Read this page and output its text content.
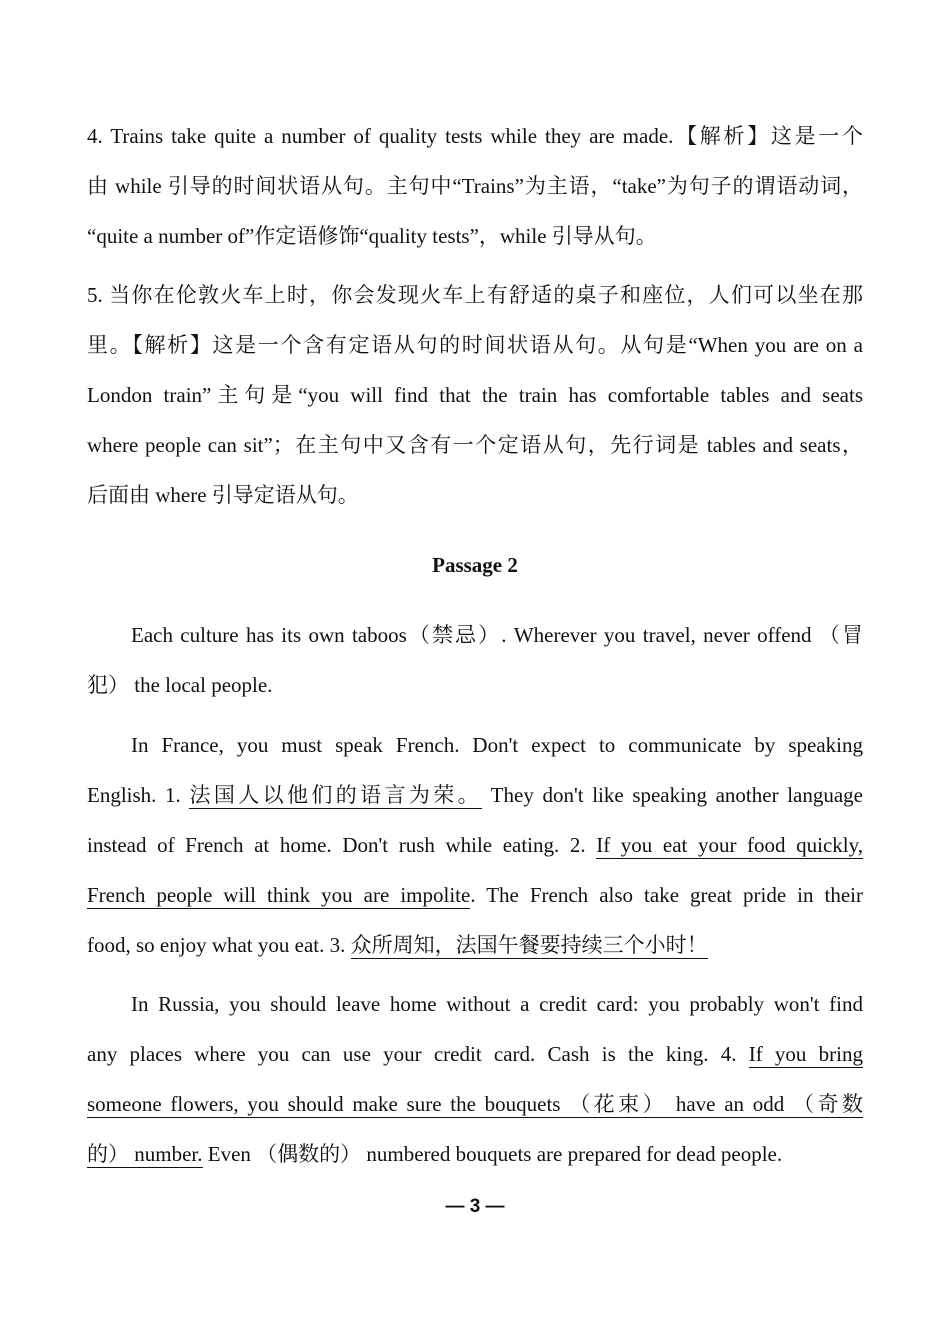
4. Trains take quite a number of quality tests while they are made.【解析】这是一个
由 while 引导的时间状语从句。主句中“Trains”为主语，“take”为句子的谓语动词，
“quite a number of”作定语修饰“quality tests”，while 引导从句。
5. 当你在伦敦火车上时，你会发现火车上有舒适的桌子和座位，人们可以坐在那
里。【解析】这是一个含有定语从句的时间状语从句。从句是“When you are on a
London train”主句是“you will find that the train has comfortable tables and seats
where people can sit”；在主句中又含有一个定语从句，先行词是 tables and seats，
后面由 where 引导定语从句。
Passage 2
Each culture has its own taboos（禁忌）. Wherever you travel, never offend （冒
犯） the local people.
In France, you must speak French. Don't expect to communicate by speaking
English. 1. 法国人以他们的语言为荣。 They don't like speaking another language
instead of French at home. Don't rush while eating. 2. If you eat your food quickly,
French people will think you are impolite. The French also take great pride in their
food, so enjoy what you eat. 3. 众所周知，法国午餐要持续三个小时！
In Russia, you should leave home without a credit card: you probably won't find
any places where you can use your credit card. Cash is the king. 4. If you bring
someone flowers, you should make sure the bouquets （花束） have an odd （奇数
的） number. Even （偶数的） numbered bouquets are prepared for dead people.
— 3 —
